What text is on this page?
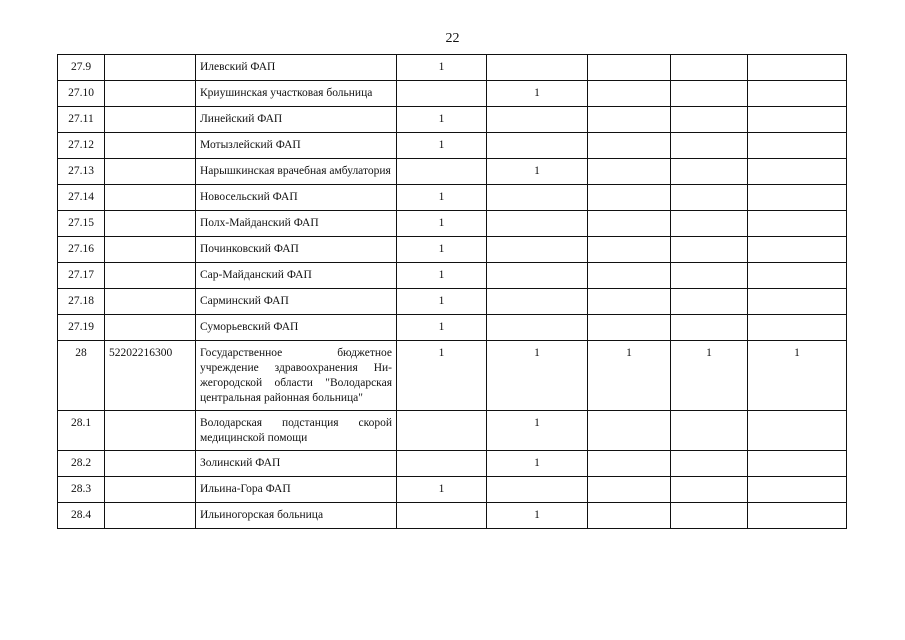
22
27.9		Илевский ФАП	1				
27.10		Криушинская участковая больница		1			
27.11		Линейский ФАП	1				
27.12		Мотызлейский ФАП	1				
27.13		Нарышкинская врачебная амбулатория		1			
27.14		Новосельский ФАП	1				
27.15		Полх-Майданский ФАП	1				
27.16		Починковский ФАП	1				
27.17		Сар-Майданский ФАП	1				
27.18		Сарминский ФАП	1				
27.19		Суморьевский ФАП	1				
28	52202216300	Государственное бюджетное учреждение здравоохранения Нижегородской области "Володарская центральная районная больница"	1	1	1	1	1
28.1		Володарская подстанция скорой медицинской помощи		1			
28.2		Золинский ФАП		1			
28.3		Ильина-Гора ФАП	1				
28.4		Ильиногорская больница		1			
